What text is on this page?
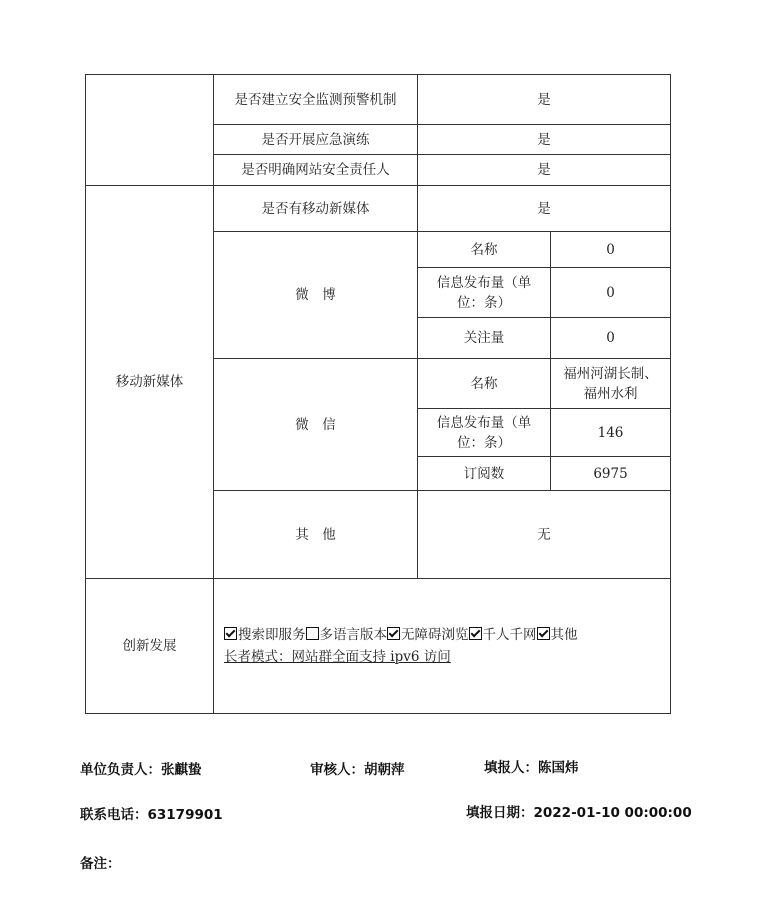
	是否建立安全监测预警机制	是	
	是否开展应急演练	是	
	是否明确网站安全责任人	是	
移动新媒体	是否有移动新媒体	是	
	微　博	名称	0
		信息发布量（单位：条）	0
		关注量	0
	微　信	名称	福州河湖长制、福州水利
		信息发布量（单位：条）	146
		订阅数	6975
	其　他	无	
创新发展	搜索即服务 多语言版本 无障碍浏览 千人千网 其他
长者模式：网站群全面支持 ipv6 访问		
单位负责人：张麒蛰	审核人：胡朝萍	填报人：陈国炜
联系电话：63179901	填报日期：2022-01-10 00:00:00
备注：
